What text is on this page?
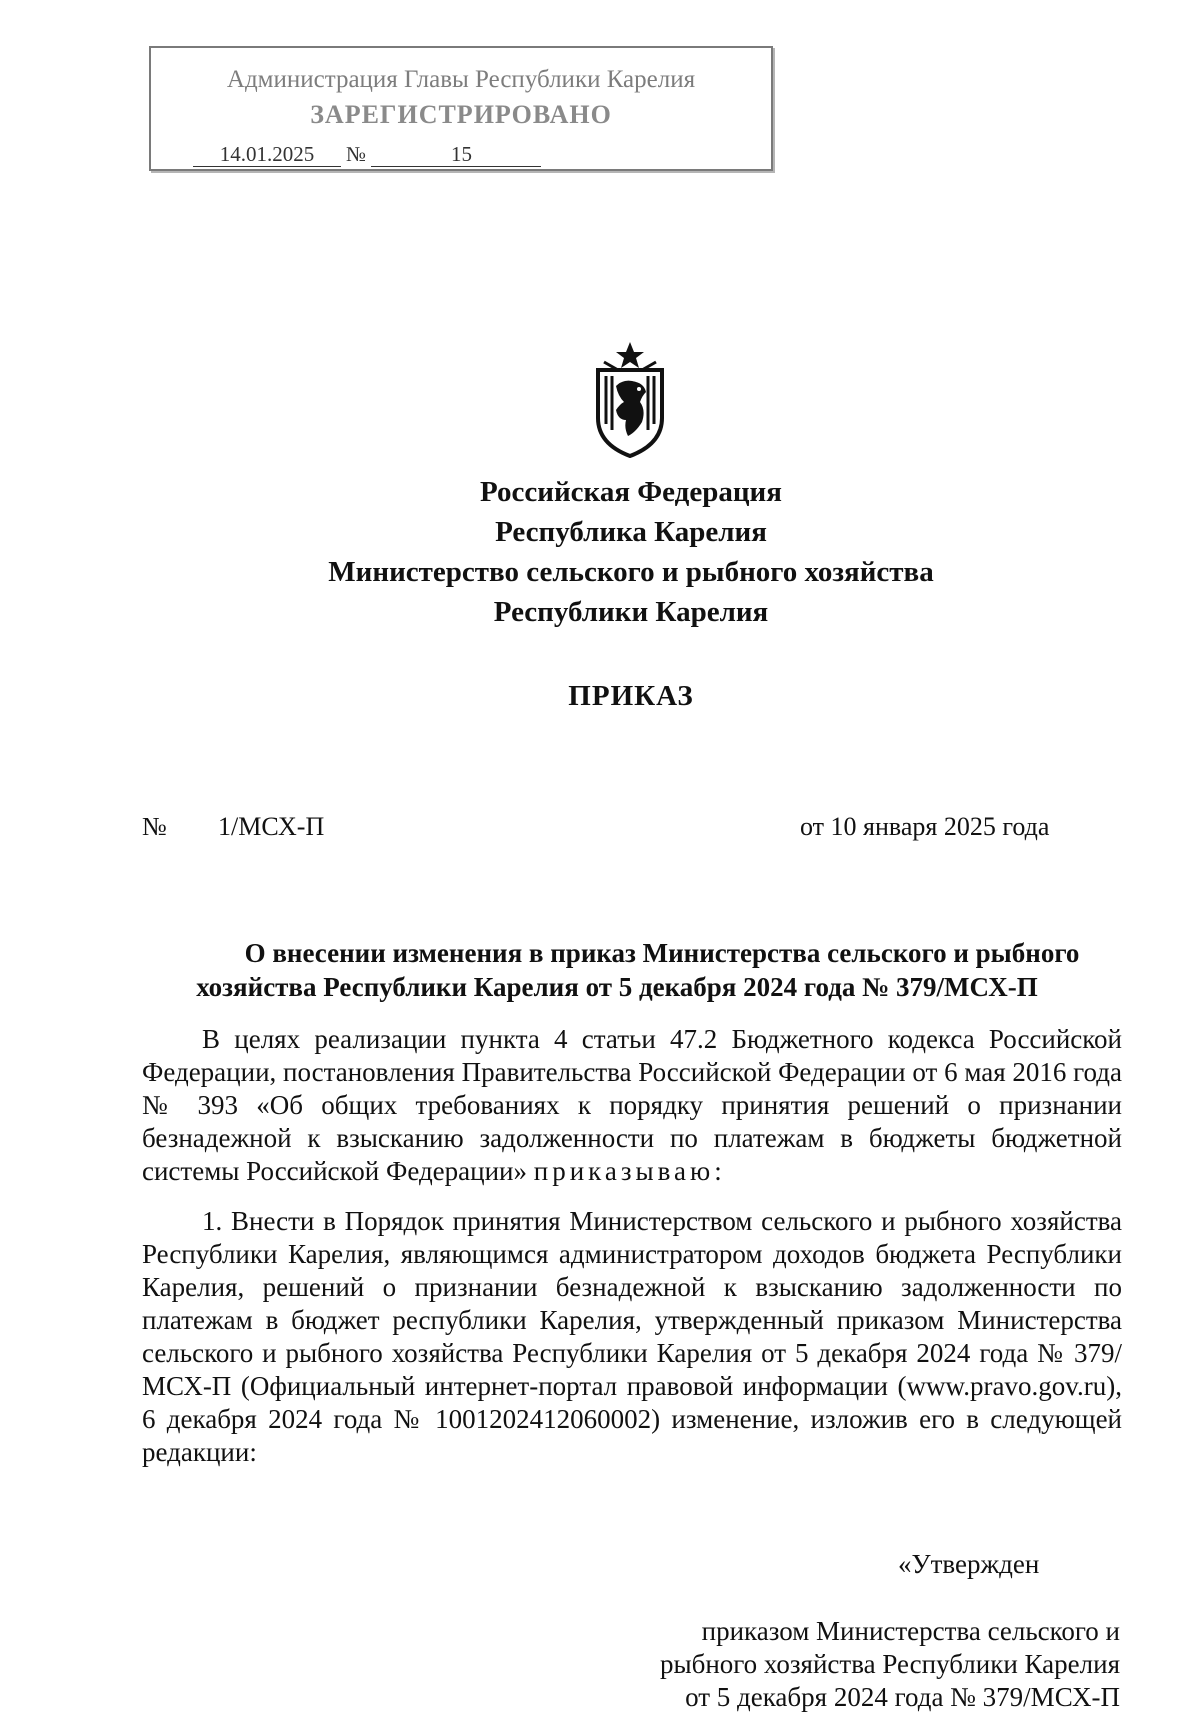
Администрация Главы Республики Карелия
ЗАРЕГИСТРИРОВАНО
14.01.2025	№	15
Российская Федерация
Республика Карелия
Министерство сельского и рыбного хозяйства
Республики Карелия
ПРИКАЗ
№ 1/МСХ-П	от 10 января 2025 года
О внесении изменения в приказ Министерства сельского и рыбного
хозяйства Республики Карелия от 5 декабря 2024 года № 379/МСХ-П
В целях реализации пункта 4 статьи 47.2 Бюджетного кодекса Российской Федерации, постановления Правительства Российской Федерации от 6 мая 2016 года № 393 «Об общих требованиях к порядку принятия решений о признании безнадежной к взысканию задолженности по платежам в бюджеты бюджетной системы Российской Федерации» приказываю:
1. Внести в Порядок принятия Министерством сельского и рыбного хозяйства Республики Карелия, являющимся администратором доходов бюджета Республики Карелия, решений о признании безнадежной к взысканию задолженности по платежам в бюджет республики Карелия, утвержденный приказом Министерства сельского и рыбного хозяйства Республики Карелия от 5 декабря 2024 года № 379/МСХ-П (Официальный интернет-портал правовой информации (www.pravo.gov.ru), 6 декабря 2024 года № 1001202412060002) изменение, изложив его в следующей редакции:
«Утвержден
приказом Министерства сельского и
рыбного хозяйства Республики Карелия
от 5 декабря 2024 года № 379/МСХ-П
